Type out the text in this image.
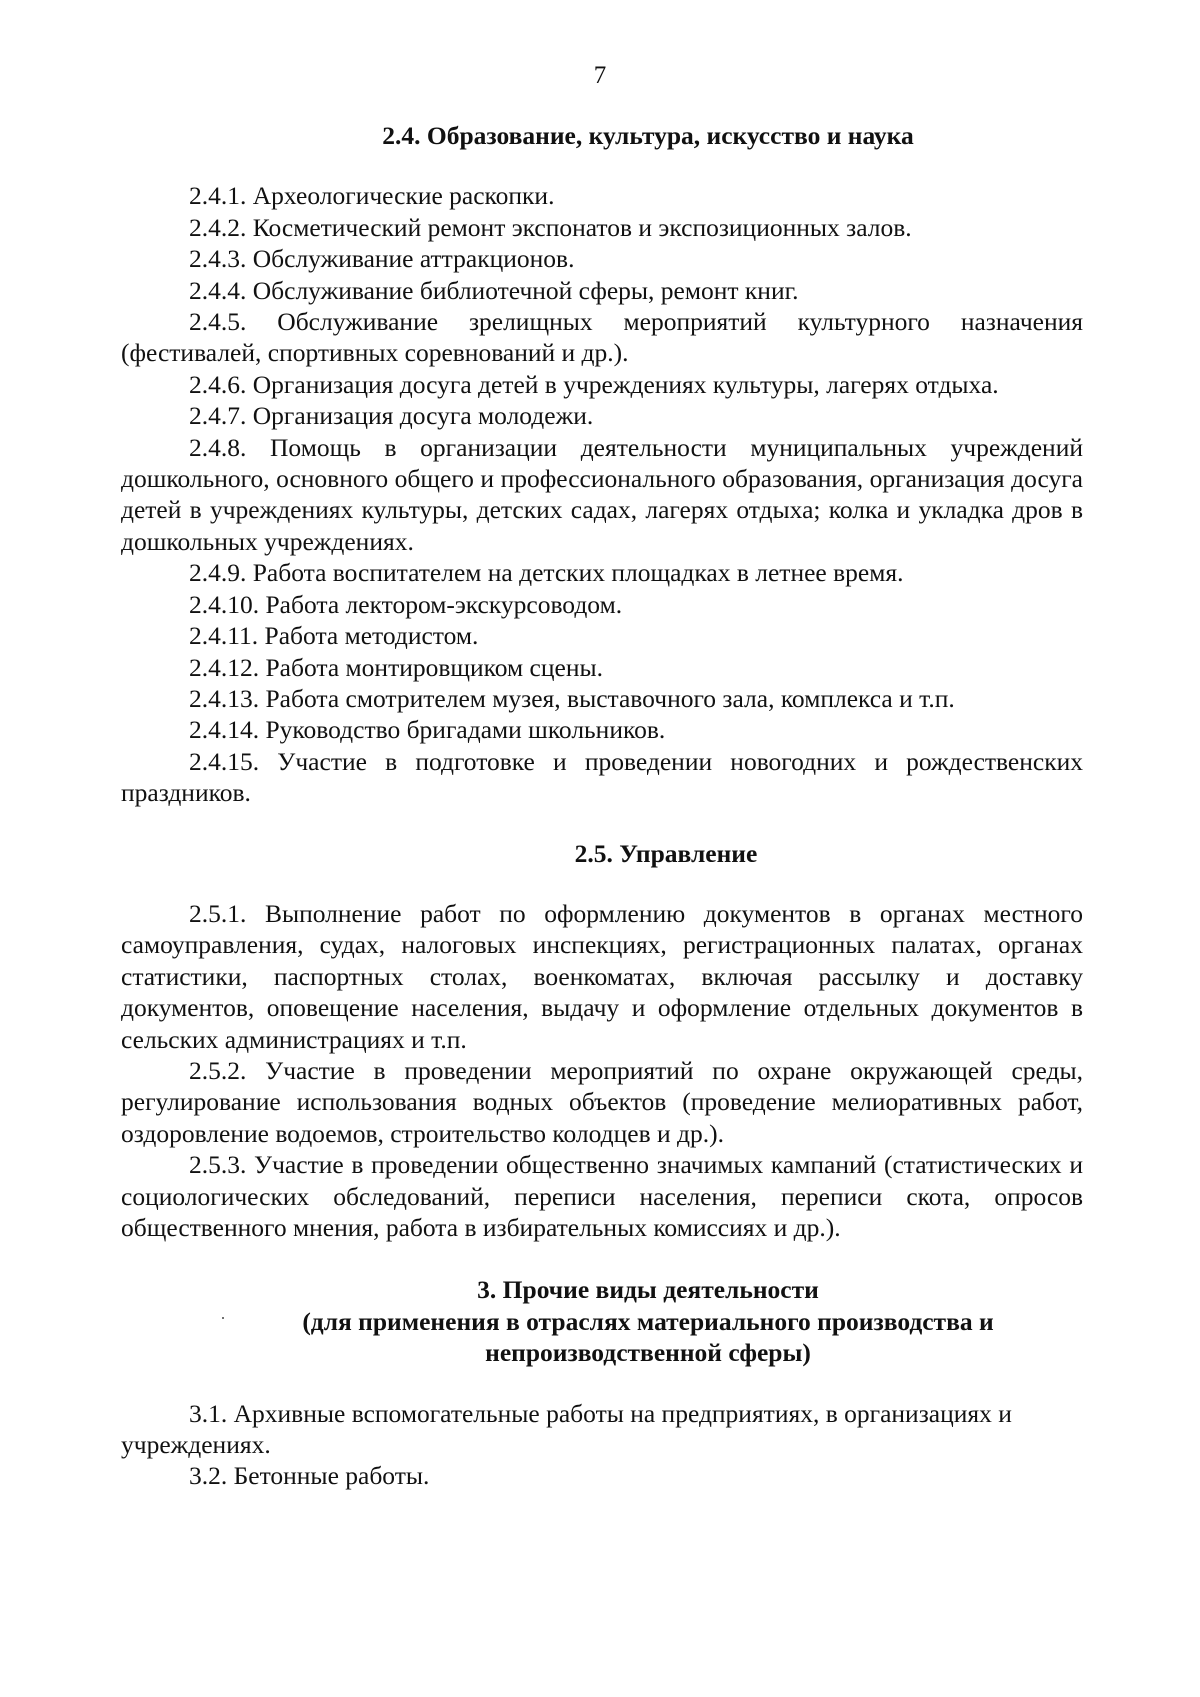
7
2.4. Образование, культура, искусство и наука

2.4.1. Археологические раскопки.

2.4.2. Косметический ремонт экспонатов и экспозиционных залов.

2.4.3. Обслуживание аттракционов.

2.4.4. Обслуживание библиотечной сферы, ремонт книг.

2.4.5. Обслуживание зрелищных мероприятий культурного назначения (фестивалей, спортивных соревнований и др.).

2.4.6. Организация досуга детей в учреждениях культуры, лагерях отдыха.

2.4.7. Организация досуга молодежи.

2.4.8. Помощь в организации деятельности муниципальных учреждений дошкольного, основного общего и профессионального образования, организация досуга детей в учреждениях культуры, детских садах, лагерях отдыха; колка и укладка дров в дошкольных учреждениях.

2.4.9. Работа воспитателем на детских площадках в летнее время.

2.4.10. Работа лектором-экскурсоводом.

2.4.11. Работа методистом.

2.4.12. Работа монтировщиком сцены.

2.4.13. Работа смотрителем музея, выставочного зала, комплекса и т.п.

2.4.14. Руководство бригадами школьников.

2.4.15. Участие в подготовке и проведении новогодних и рождественских праздников.

2.5. Управление

2.5.1. Выполнение работ по оформлению документов в органах местного самоуправления, судах, налоговых инспекциях, регистрационных палатах, органах статистики, паспортных столах, военкоматах, включая рассылку и доставку документов, оповещение населения, выдачу и оформление отдельных документов в сельских администрациях и т.п.

2.5.2. Участие в проведении мероприятий по охране окружающей среды, регулирование использования водных объектов (проведение мелиоративных работ, оздоровление водоемов, строительство колодцев и др.).

2.5.3. Участие в проведении общественно значимых кампаний (статистических и социологических обследований, переписи населения, переписи скота, опросов общественного мнения, работа в избирательных комиссиях и др.).

3. Прочие виды деятельности
(для применения в отраслях материального производства и
непроизводственной сферы)

3.1. Архивные вспомогательные работы на предприятиях, в организациях и учреждениях.

3.2. Бетонные работы.
